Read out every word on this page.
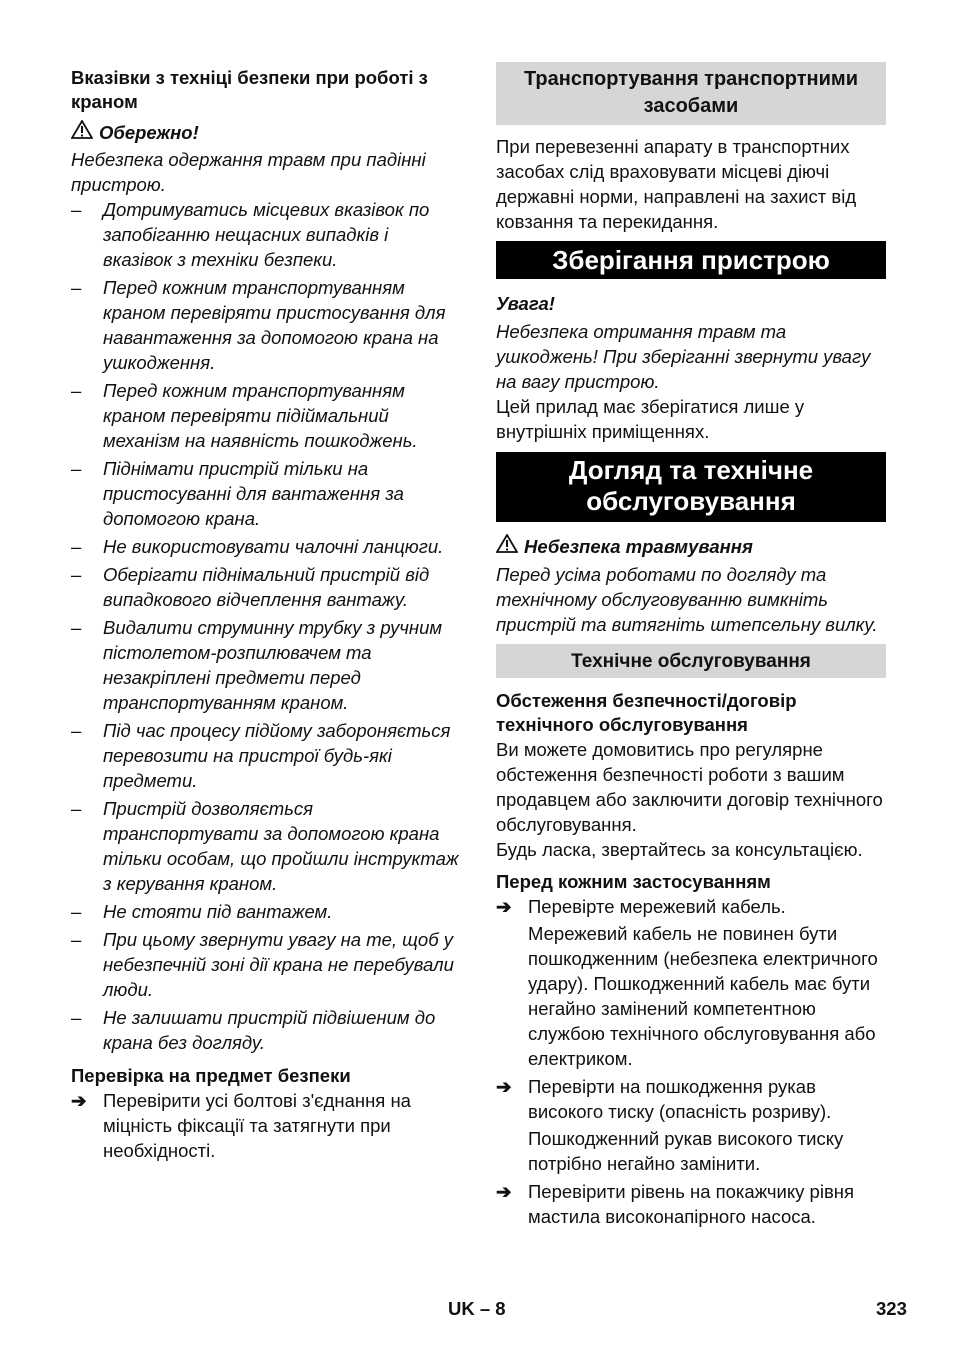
Вказівки з техніці безпеки при роботі з краном
Обережно!
Небезпека одержання травм при падінні пристрою.
– Дотримуватись місцевих вказівок по запобіганню нещасних випадків і вказівок з техніки безпеки.
– Перед кожним транспортуванням краном перевіряти пристосування для навантаження за допомогою крана на ушкодження.
– Перед кожним транспортуванням краном перевіряти підіймальний механізм на наявність пошкоджень.
– Піднімати пристрій тільки на пристосуванні для вантаження за допомогою крана.
– Не використовувати чалочні ланцюги.
– Оберігати піднімальний пристрій від випадкового відчеплення вантажу.
– Видалити струминну трубку з ручним пістолетом-розпилювачем та незакріплені предмети перед транспортуванням краном.
– Під час процесу підйому забороняється перевозити на пристрої будь-які предмети.
– Пристрій дозволяється транспортувати за допомогою крана тільки особам, що пройшли інструктаж з керування краном.
– Не стояти під вантажем.
– При цьому звернути увагу на те, щоб у небезпечній зоні дії крана не перебували люди.
– Не залишати пристрій підвішеним до крана без догляду.
Перевірка на предмет безпеки
➔ Перевірити усі болтові з'єднання на міцність фіксації та затягнути при необхідності.
Транспортування транспортними засобами
При перевезенні апарату в транспортних засобах слід враховувати місцеві діючі державні норми, направлені на захист від ковзання та перекидання.
Зберігання пристрою
Увага!
Небезпека отримання травм та ушкоджень! При зберіганні звернути увагу на вагу пристрою.
Цей прилад має зберігатися лише у внутрішніх приміщеннях.
Догляд та технічне обслуговування
Небезпека травмування
Перед усіма роботами по догляду та технічному обслуговуванню вимкніть пристрій та витягніть штепсельну вилку.
Технічне обслуговування
Обстеження безпечності/договір технічного обслуговування
Ви можете домовитись про регулярне обстеження безпечності роботи з вашим продавцем або заключити договір технічного обслуговування.
Будь ласка, звертайтесь за консультацією.
Перед кожним застосуванням
➔ Перевірте мережевий кабель.
Мережевий кабель не повинен бути пошкодженним (небезпека електричного удару). Пошкодженний кабель має бути негайно замінений компетентною службою технічного обслуговування або електриком.
➔ Перевірти на пошкодження рукав високого тиску (опасність розриву).
Пошкодженний рукав високого тиску потрібно негайно замінити.
➔ Перевірити рівень на покажчику рівня мастила високонапірного насоса.
UK – 8	323
